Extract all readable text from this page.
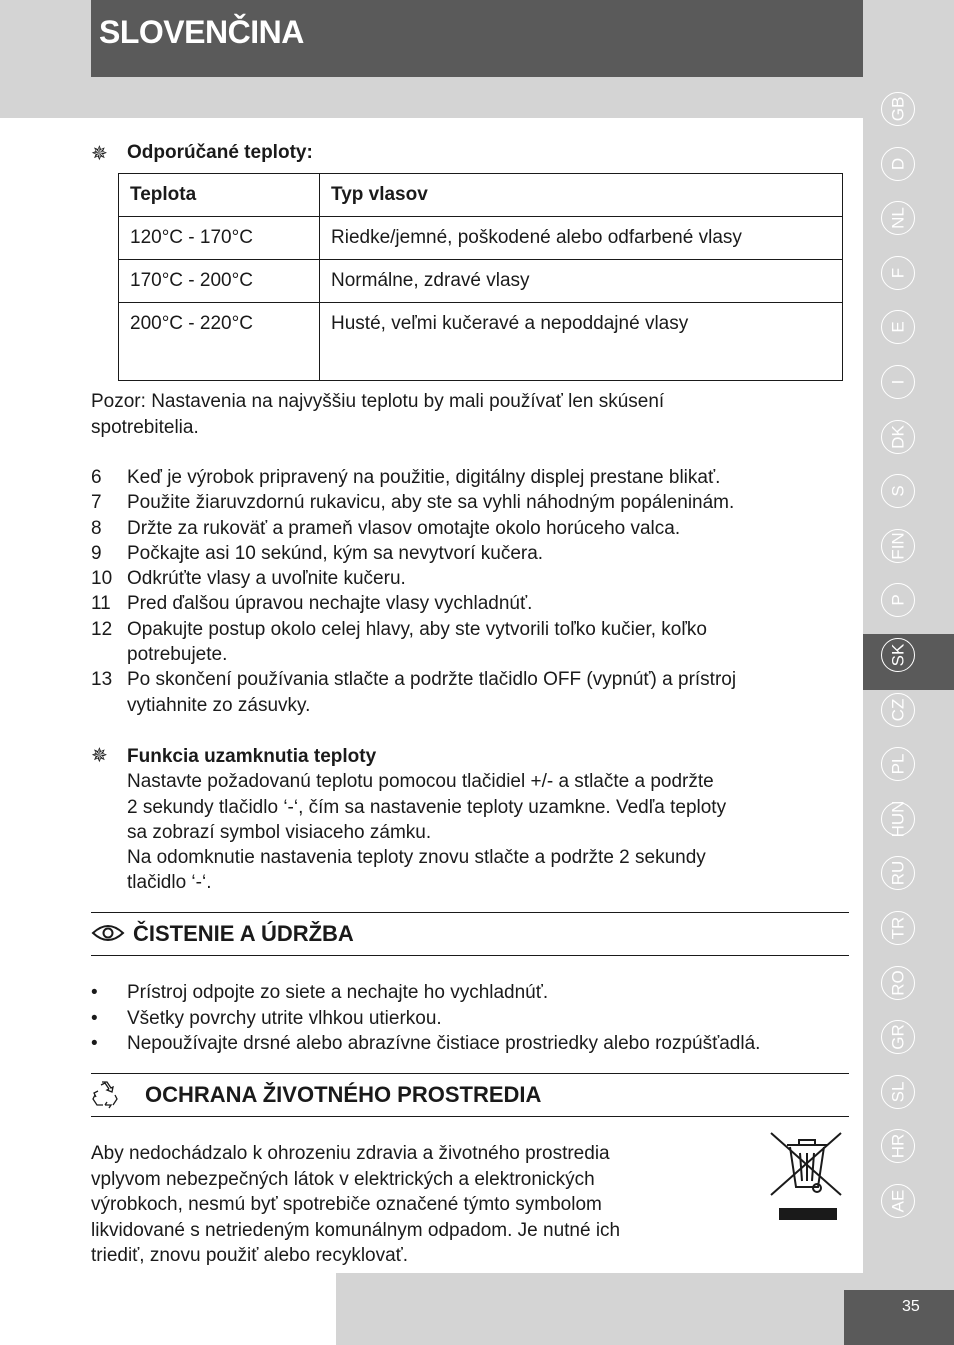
SLOVENČINA
GB
D
NL
F
E
I
DK
S
FIN
P
SK
CZ
PL
HUN
RU
TR
RO
GR
SL
HR
AE
35
✵ Odporúčané teploty:
Teplota	Typ vlasov
120°C - 170°C	Riedke/jemné, poškodené alebo odfarbené vlasy
170°C - 200°C	Normálne, zdravé vlasy
200°C - 220°C	Husté, veľmi kučeravé a nepoddajné vlasy
Pozor: Nastavenia na najvyššiu teplotu by mali používať len skúsení
spotrebitelia.
6 Keď je výrobok pripravený na použitie, digitálny displej prestane blikať.
7 Použite žiaruvzdornú rukavicu, aby ste sa vyhli náhodným popáleninám.
8 Držte za rukoväť a prameň vlasov omotajte okolo horúceho valca.
9 Počkajte asi 10 sekúnd, kým sa nevytvorí kučera.
10 Odkrúťte vlasy a uvoľnite kučeru.
11 Pred ďalšou úpravou nechajte vlasy vychladnúť.
12 Opakujte postup okolo celej hlavy, aby ste vytvorili toľko kučier, koľko
potrebujete.
13 Po skončení používania stlačte a podržte tlačidlo OFF (vypnúť) a prístroj
vytiahnite zo zásuvky.
✵ Funkcia uzamknutia teploty
Nastavte požadovanú teplotu pomocou tlačidiel +/- a stlačte a podržte
2 sekundy tlačidlo ‘-‘, čím sa nastavenie teploty uzamkne. Vedľa teploty
sa zobrazí symbol visiaceho zámku.
Na odomknutie nastavenia teploty znovu stlačte a podržte 2 sekundy
tlačidlo ‘-‘.
ČISTENIE A ÚDRŽBA
• Prístroj odpojte zo siete a nechajte ho vychladnúť.
• Všetky povrchy utrite vlhkou utierkou.
• Nepoužívajte drsné alebo abrazívne čistiace prostriedky alebo rozpúšťadlá.
OCHRANA ŽIVOTNÉHO PROSTREDIA
Aby nedochádzalo k ohrozeniu zdravia a životného prostredia
vplyvom nebezpečných látok v elektrických a elektronických
výrobkoch, nesmú byť spotrebiče označené týmto symbolom
likvidované s netriedeným komunálnym odpadom. Je nutné ich
triediť, znovu použiť alebo recyklovať.
